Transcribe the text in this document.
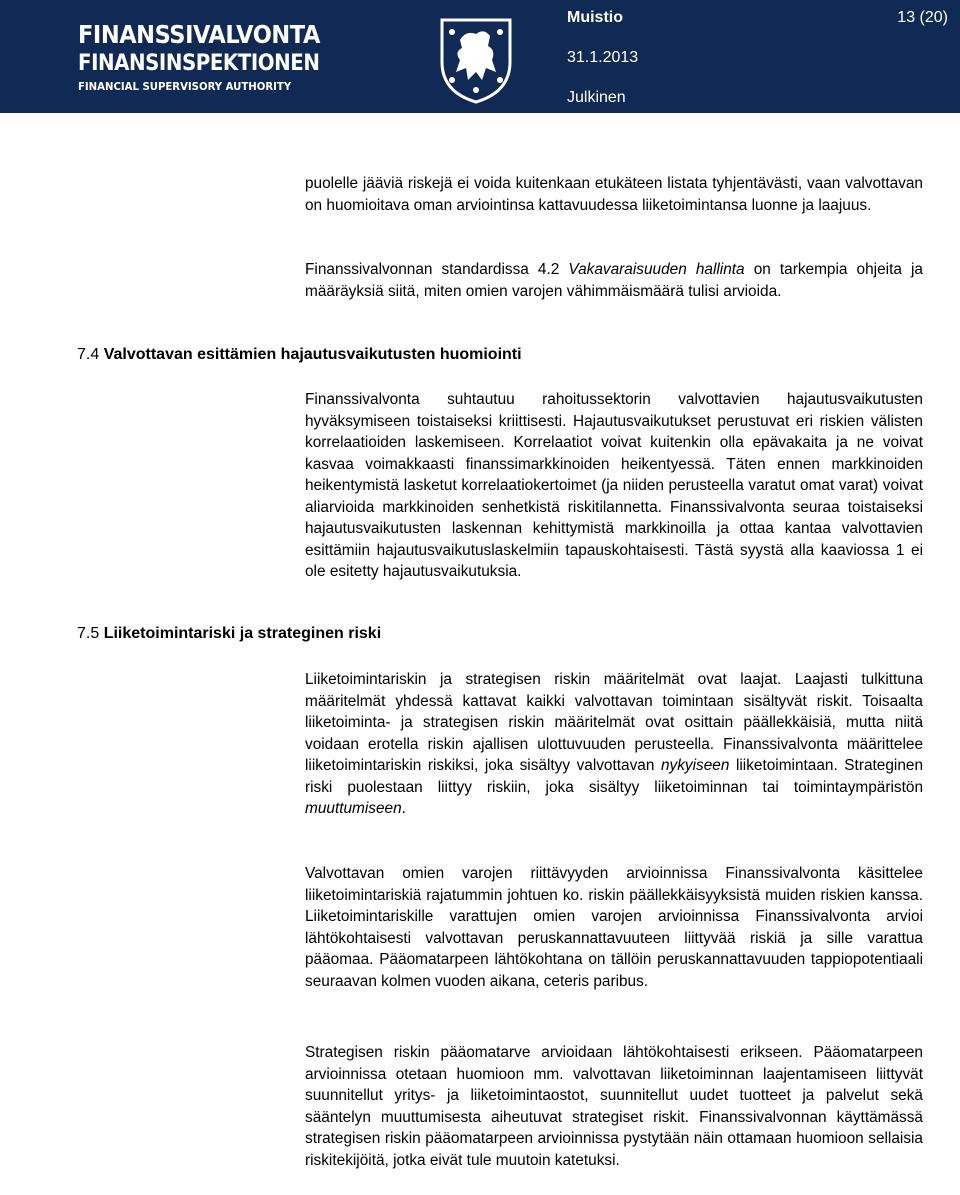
FINANSSIVALVONTA
FINANSINSPEKTIONEN
FINANCIAL SUPERVISORY AUTHORITY
Muistio	13 (20)
31.1.2013
Julkinen

puolelle jääviä riskejä ei voida kuitenkaan etukäteen listata tyhjentävästi, vaan valvottavan on huomioitava oman arviointinsa kattavuudessa liiketoimintansa luonne ja laajuus.

Finanssivalvonnan standardissa 4.2 Vakavaraisuuden hallinta on tarkempia ohjeita ja määräyksiä siitä, miten omien varojen vähimmäismäärä tulisi arvioida.

7.4 Valvottavan esittämien hajautusvaikutusten huomiointi

Finanssivalvonta suhtautuu rahoitussektorin valvottavien hajautusvaikutusten hyväksymiseen toistaiseksi kriittisesti. Hajautusvaikutukset perustuvat eri riskien välisten korrelaatioiden laskemiseen. Korrelaatiot voivat kuitenkin olla epävakaita ja ne voivat kasvaa voimakkaasti finanssimarkkinoiden heikentyessä. Täten ennen markkinoiden heikentymistä lasketut korrelaatiokertoimet (ja niiden perusteella varatut omat varat) voivat aliarvioida markkinoiden senhetkistä riskitilannetta. Finanssivalvonta seuraa toistaiseksi hajautusvaikutusten laskennan kehittymistä markkinoilla ja ottaa kantaa valvottavien esittämiin hajautusvaikutuslaskelmiin tapauskohtaisesti. Tästä syystä alla kaaviossa 1 ei ole esitetty hajautusvaikutuksia.

7.5 Liiketoimintariski ja strateginen riski

Liiketoimintariskin ja strategisen riskin määritelmät ovat laajat. Laajasti tulkittuna määritelmät yhdessä kattavat kaikki valvottavan toimintaan sisältyvät riskit. Toisaalta liiketoiminta- ja strategisen riskin määritelmät ovat osittain päällekkäisiä, mutta niitä voidaan erotella riskin ajallisen ulottuvuuden perusteella. Finanssivalvonta määrittelee liiketoimintariskin riskiksi, joka sisältyy valvottavan nykyiseen liiketoimintaan. Strateginen riski puolestaan liittyy riskiin, joka sisältyy liiketoiminnan tai toimintaympäristön muuttumiseen.

Valvottavan omien varojen riittävyyden arvioinnissa Finanssivalvonta käsittelee liiketoimintariskiä rajatummin johtuen ko. riskin päällekkäisyyksistä muiden riskien kanssa. Liiketoimintariskille varattujen omien varojen arvioinnissa Finanssivalvonta arvioi lähtökohtaisesti valvottavan peruskannattavuuteen liittyvää riskiä ja sille varattua pääomaa. Pääomatarpeen lähtökohtana on tällöin peruskannattavuuden tappiopotentiaali seuraavan kolmen vuoden aikana, ceteris paribus.

Strategisen riskin pääomatarve arvioidaan lähtökohtaisesti erikseen. Pääomatarpeen arvioinnissa otetaan huomioon mm. valvottavan liiketoiminnan laajentamiseen liittyvät suunnitellut yritys- ja liiketoimintaostot, suunnitellut uudet tuotteet ja palvelut sekä sääntelyn muuttumisesta aiheutuvat strategiset riskit. Finanssivalvonnan käyttämässä strategisen riskin pääomatarpeen arvioinnissa pystytään näin ottamaan huomioon sellaisia riskitekijöitä, jotka eivät tule muutoin katetuksi.
